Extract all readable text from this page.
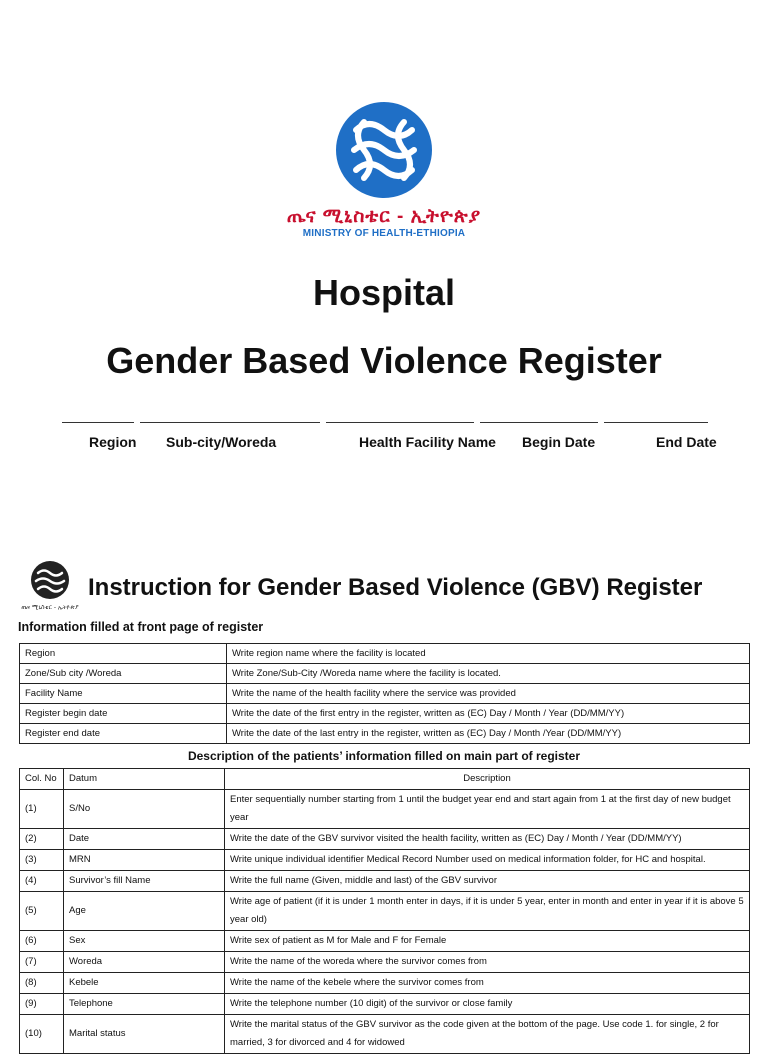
ጤና ሚኒስቴር - ኢትዮጵያ
MINISTRY OF HEALTH-ETHIOPIA
Hospital
Gender Based Violence Register
Region Sub-city/Woreda	Health Facility Name Begin Date	End Date
ጤና ሚኒስቴር - ኢትዮጵያ
Instruction for Gender Based Violence (GBV) Register
Information filled at front page of register
Region	Write region name where the facility is located
Zone/Sub city /Woreda	Write Zone/Sub-City /Woreda name where the facility is located.
Facility Name	Write the name of the health facility where the service was provided
Register begin date	Write the date of the first entry in the register, written as (EC) Day / Month / Year (DD/MM/YY)
Register end date	Write the date of the last entry in the register, written as (EC) Day / Month /Year (DD/MM/YY)
Description of the patients’ information filled on main part of register
Col. No	Datum	Description
(1)	S/No	Enter sequentially number starting from 1 until the budget year end and start again from 1 at the first day of new budget year
(2)	Date	Write the date of the GBV survivor visited the health facility, written as (EC) Day / Month / Year (DD/MM/YY)
(3)	MRN	Write unique individual identifier Medical Record Number used on medical information folder, for HC and hospital.
(4)	Survivor’s fill Name	Write the full name (Given, middle and last) of the GBV survivor
(5)	Age	Write age of patient (if it is under 1 month enter in days, if it is under 5 year, enter in month and enter in year if it is above 5 year old)
(6)	Sex	Write sex of patient as M for Male and F for Female
(7)	Woreda	Write the name of the woreda where the survivor comes from
(8)	Kebele	Write the name of the kebele where the survivor comes from
(9)	Telephone	Write the telephone number (10 digit) of the survivor or close family
(10)	Marital status	Write the marital status of the GBV survivor as the code given at the bottom of the page. Use code 1. for single, 2 for married, 3 for divorced and 4 for widowed
